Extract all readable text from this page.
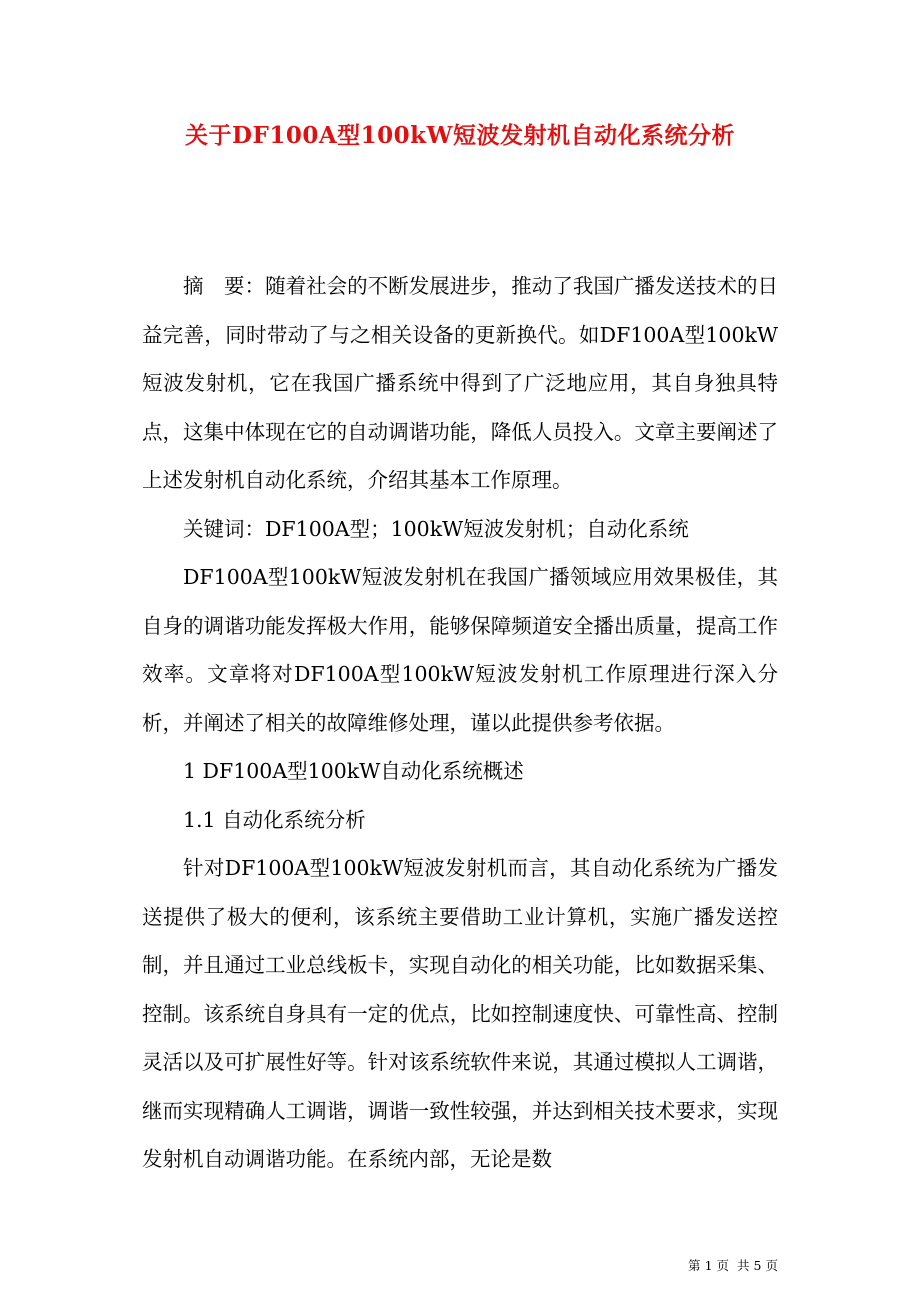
关于DF100A型100kW短波发射机自动化系统分析

摘　要：随着社会的不断发展进步，推动了我国广播发送技术的日益完善，同时带动了与之相关设备的更新换代。如DF100A型100kW短波发射机，它在我国广播系统中得到了广泛地应用，其自身独具特点，这集中体现在它的自动调谐功能，降低人员投入。文章主要阐述了上述发射机自动化系统，介绍其基本工作原理。

关键词：DF100A型；100kW短波发射机；自动化系统

DF100A型100kW短波发射机在我国广播领域应用效果极佳，其自身的调谐功能发挥极大作用，能够保障频道安全播出质量，提高工作效率。文章将对DF100A型100kW短波发射机工作原理进行深入分析，并阐述了相关的故障维修处理，谨以此提供参考依据。

1 DF100A型100kW自动化系统概述

1.1 自动化系统分析

针对DF100A型100kW短波发射机而言，其自动化系统为广播发送提供了极大的便利，该系统主要借助工业计算机，实施广播发送控制，并且通过工业总线板卡，实现自动化的相关功能，比如数据采集、控制。该系统自身具有一定的优点，比如控制速度快、可靠性高、控制灵活以及可扩展性好等。针对该系统软件来说，其通过模拟人工调谐，继而实现精确人工调谐，调谐一致性较强，并达到相关技术要求，实现发射机自动调谐功能。在系统内部，无论是数

第 1 页 共 5 页
